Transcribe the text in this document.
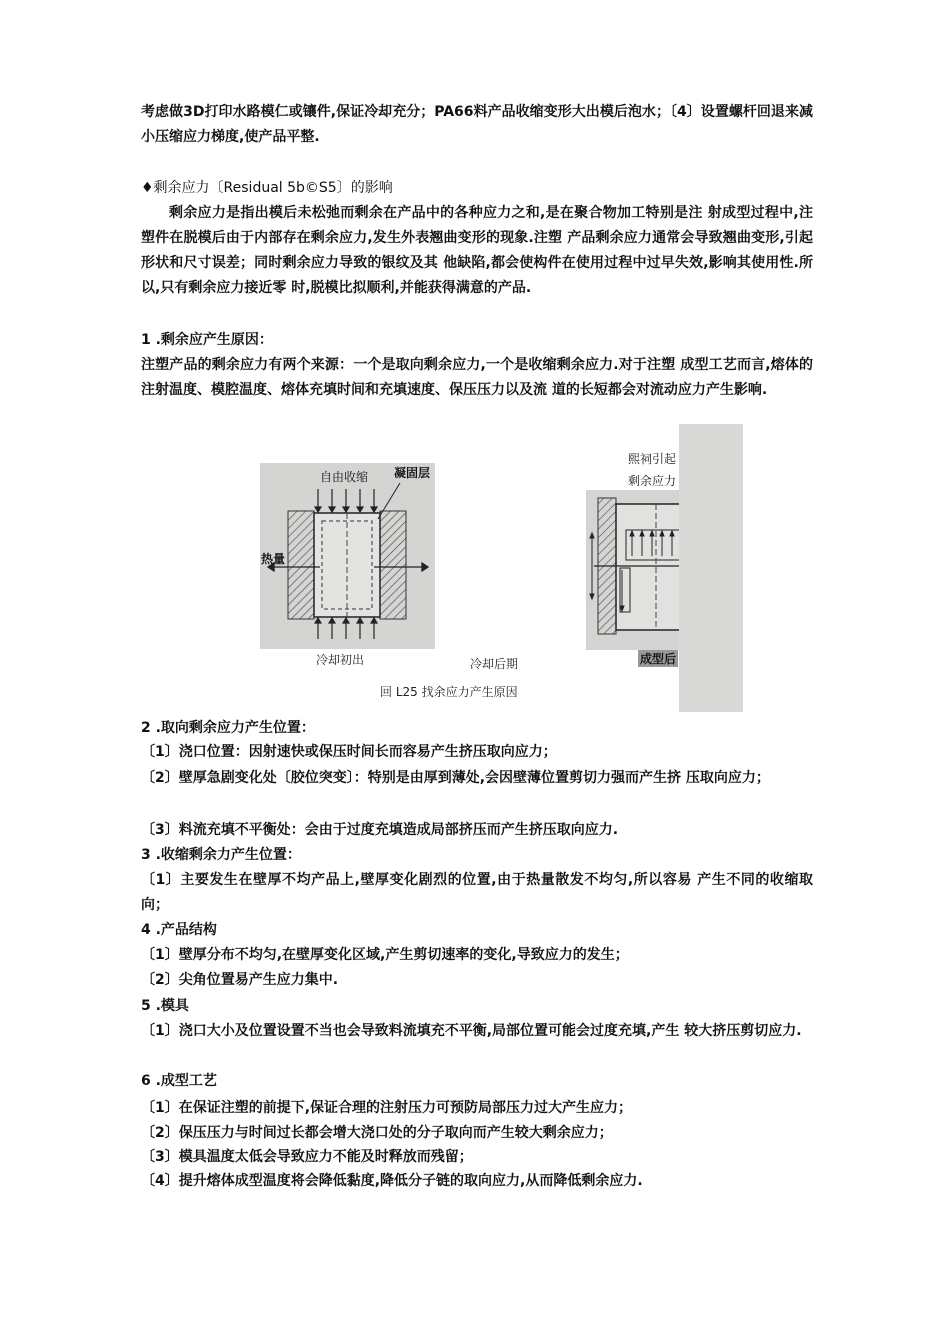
考虑做3D打印水路模仁或镶件,保证冷却充分；PA66料产品收缩变形大出模后泡水；〔4〕设置螺杆回退来减小压缩应力梯度,使产品平整.
♦剩余应力〔Residual 5b©S5〕的影响
剩余应力是指出模后未松弛而剩余在产品中的各种应力之和,是在聚合物加工特别是注 射成型过程中,注塑件在脱模后由于内部存在剩余应力,发生外表翘曲变形的现象.注塑 产品剩余应力通常会导致翘曲变形,引起形状和尺寸误差；同时剩余应力导致的银纹及其 他缺陷,都会使构件在使用过程中过早失效,影响其使用性.所以,只有剩余应力接近零 时,脱模比拟顺利,并能获得满意的产品.
1 .剩余应产生原因：
注塑产品的剩余应力有两个来源：一个是取向剩余应力,一个是收缩剩余应力.对于注塑 成型工艺而言,熔体的注射温度、模腔温度、熔体充填时间和充填速度、保压压力以及流 道的长短都会对流动应力产生影响.
自由收缩 凝固层
热量
熙祠引起
剩余应力
成型后
冷却初出	冷却后期
回 L25 找余应力产生原因
2 .取向剩余应力产生位置：
〔1〕浇口位置：因射速快或保压时间长而容易产生挤压取向应力；
〔2〕壁厚急剧变化处〔胶位突变〕：特别是由厚到薄处,会因壁薄位置剪切力强而产生挤 压取向应力；
〔3〕料流充填不平衡处：会由于过度充填造成局部挤压而产生挤压取向应力.
3 .收缩剩余力产生位置：
〔1〕主要发生在壁厚不均产品上,壁厚变化剧烈的位置,由于热量散发不均匀,所以容易 产生不同的收缩取向；
4 .产品结构
〔1〕壁厚分布不均匀,在壁厚变化区域,产生剪切速率的变化,导致应力的发生；
〔2〕尖角位置易产生应力集中.
5 .模具
〔1〕浇口大小及位置设置不当也会导致料流填充不平衡,局部位置可能会过度充填,产生 较大挤压剪切应力.
6 .成型工艺
〔1〕在保证注塑的前提下,保证合理的注射压力可预防局部压力过大产生应力；
〔2〕保压压力与时间过长都会增大浇口处的分子取向而产生较大剩余应力；
〔3〕模具温度太低会导致应力不能及时释放而残留；
〔4〕提升熔体成型温度将会降低黏度,降低分子链的取向应力,从而降低剩余应力.
